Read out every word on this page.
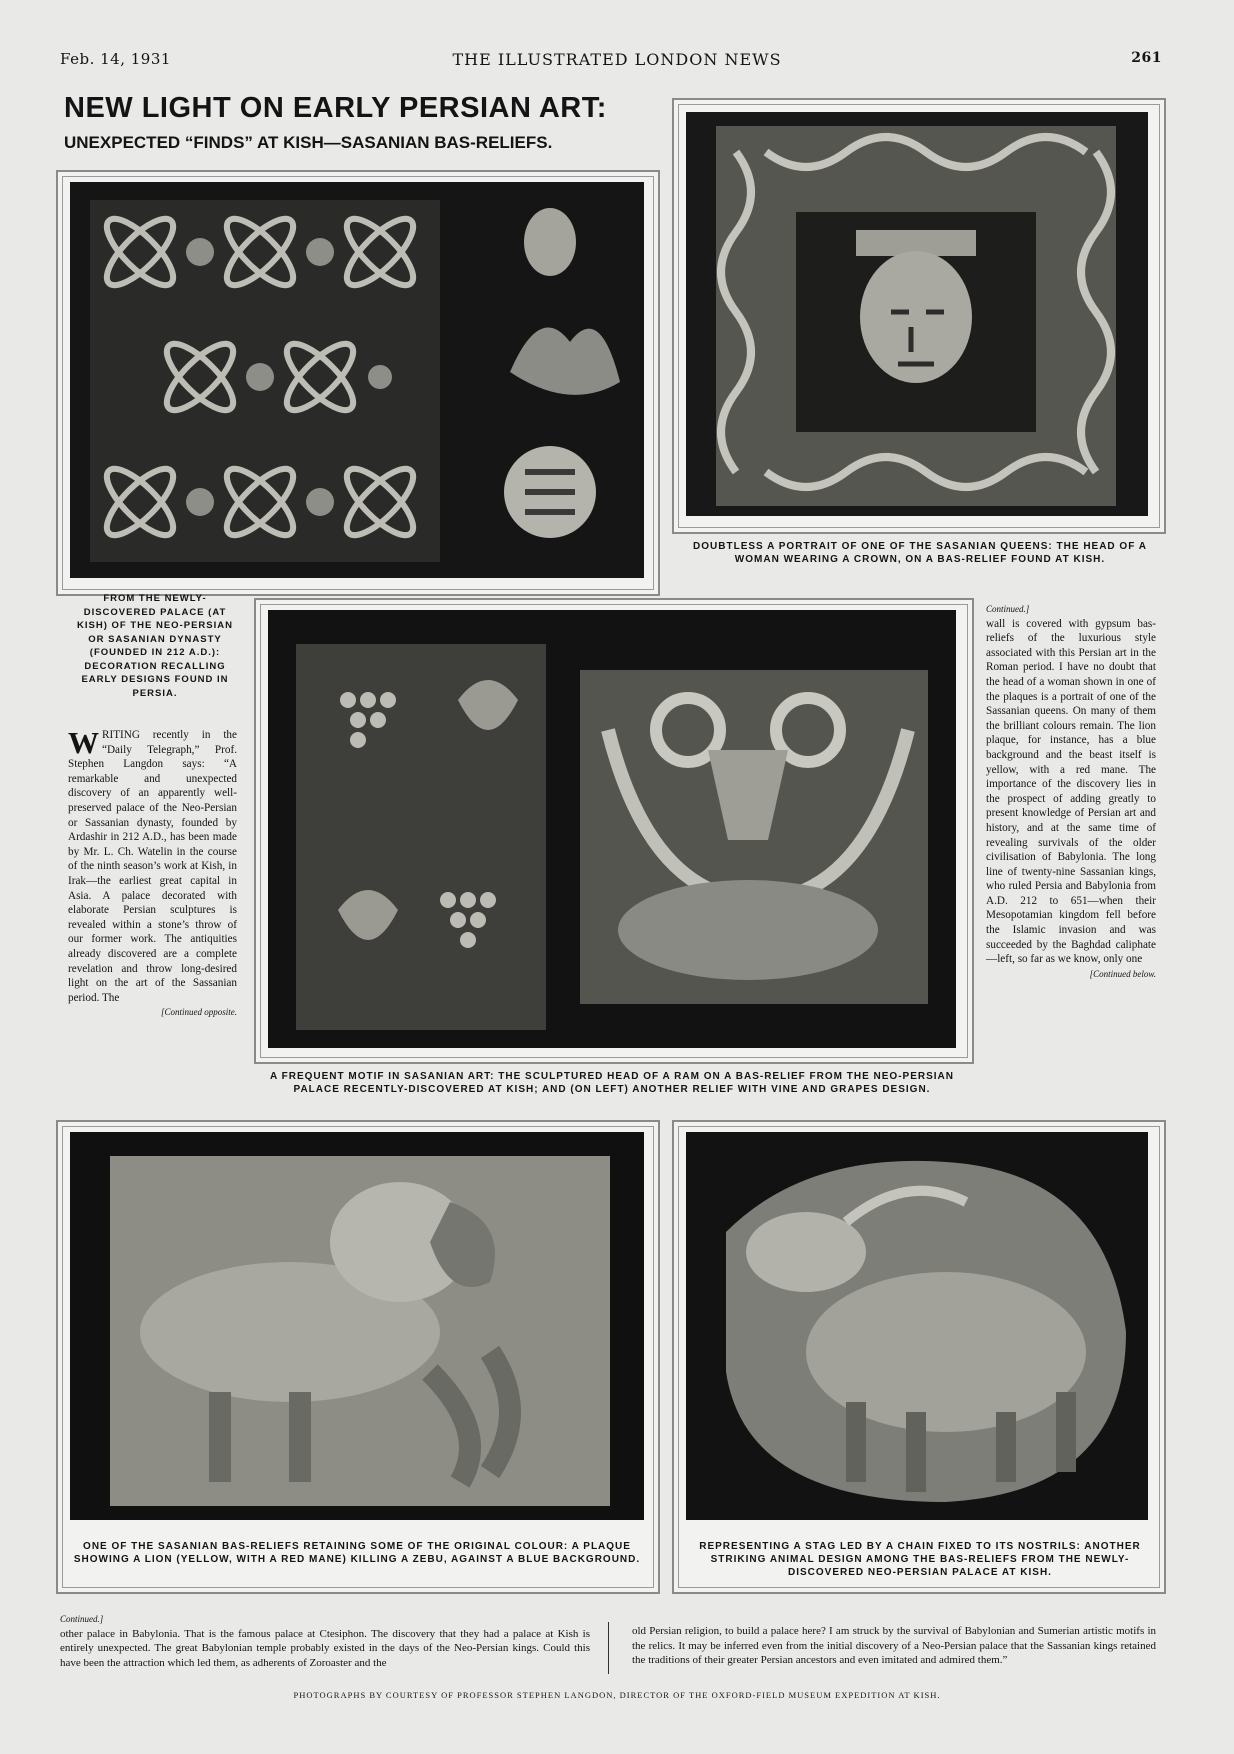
Feb. 14, 1931	THE ILLUSTRATED LONDON NEWS	261
NEW LIGHT ON EARLY PERSIAN ART:
UNEXPECTED “FINDS” AT KISH—SASANIAN BAS-RELIEFS.
DOUBTLESS A PORTRAIT OF ONE OF THE SASANIAN QUEENS: THE HEAD OF A WOMAN WEARING A CROWN, ON A BAS-RELIEF FOUND AT KISH.
FROM THE NEWLY-DISCOVERED PALACE (AT KISH) OF THE NEO-PERSIAN OR SASANIAN DYNASTY (FOUNDED IN 212 A.D.): DECORATION RECALLING EARLY DESIGNS FOUND IN PERSIA.
WRITING recently in the “Daily Telegraph,” Prof. Stephen Langdon says: “A remarkable and unexpected discovery of an apparently well-preserved palace of the Neo-Persian or Sassanian dynasty, founded by Ardashir in 212 A.D., has been made by Mr. L. Ch. Watelin in the course of the ninth season’s work at Kish, in Irak—the earliest great capital in Asia. A palace decorated with elaborate Persian sculptures is revealed within a stone’s throw of our former work. The antiquities already discovered are a complete revelation and throw long-desired light on the art of the Sassanian period. The
[Continued opposite.
A FREQUENT MOTIF IN SASANIAN ART: THE SCULPTURED HEAD OF A RAM ON A BAS-RELIEF FROM THE NEO-PERSIAN PALACE RECENTLY-DISCOVERED AT KISH; AND (ON LEFT) ANOTHER RELIEF WITH VINE AND GRAPES DESIGN.
Continued.]
wall is covered with gypsum bas-reliefs of the luxurious style associated with this Persian art in the Roman period. I have no doubt that the head of a woman shown in one of the plaques is a portrait of one of the Sassanian queens. On many of them the brilliant colours remain. The lion plaque, for instance, has a blue background and the beast itself is yellow, with a red mane. The importance of the discovery lies in the prospect of adding greatly to present knowledge of Persian art and history, and at the same time of revealing survivals of the older civilisation of Babylonia. The long line of twenty-nine Sassanian kings, who ruled Persia and Babylonia from A.D. 212 to 651—when their Mesopotamian kingdom fell before the Islamic invasion and was succeeded by the Baghdad caliphate—left, so far as we know, only one
[Continued below.
ONE OF THE SASANIAN BAS-RELIEFS RETAINING SOME OF THE ORIGINAL COLOUR: A PLAQUE SHOWING A LION (YELLOW, WITH A RED MANE) KILLING A ZEBU, AGAINST A BLUE BACKGROUND.
REPRESENTING A STAG LED BY A CHAIN FIXED TO ITS NOSTRILS: ANOTHER STRIKING ANIMAL DESIGN AMONG THE BAS-RELIEFS FROM THE NEWLY-DISCOVERED NEO-PERSIAN PALACE AT KISH.
Continued.]
other palace in Babylonia. That is the famous palace at Ctesiphon. The discovery that they had a palace at Kish is entirely unexpected. The great Babylonian temple probably existed in the days of the Neo-Persian kings. Could this have been the attraction which led them, as adherents of Zoroaster and the
old Persian religion, to build a palace here? I am struck by the survival of Babylonian and Sumerian artistic motifs in the relics. It may be inferred even from the initial discovery of a Neo-Persian palace that the Sassanian kings retained the traditions of their greater Persian ancestors and even imitated and admired them.”
PHOTOGRAPHS BY COURTESY OF PROFESSOR STEPHEN LANGDON, DIRECTOR OF THE OXFORD-FIELD MUSEUM EXPEDITION AT KISH.
